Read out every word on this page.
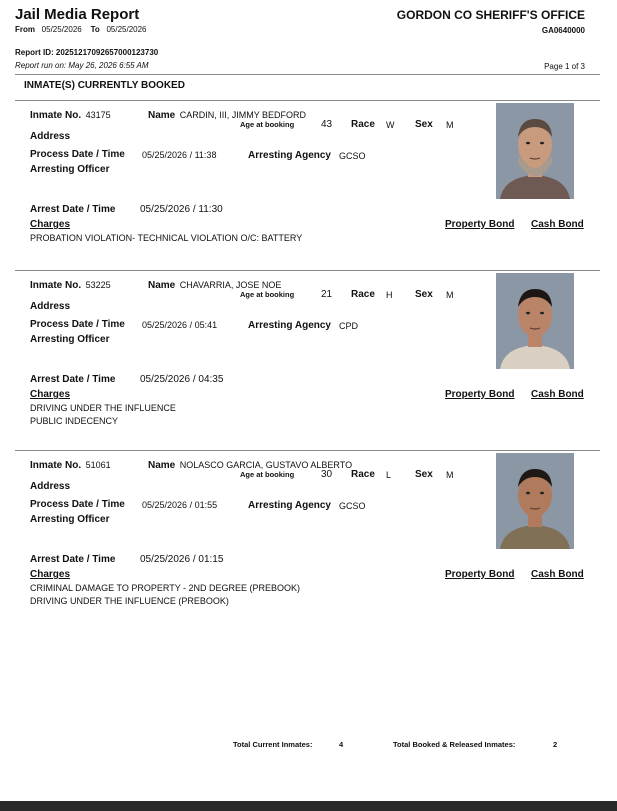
Jail Media Report	GORDON CO SHERIFF'S OFFICE
From 05/25/2026 To 05/25/2026	GA0640000
Report ID: 20251217092657000123730
Report run on: May 26, 2026 6:55 AM	Page 1 of 3
INMATE(S) CURRENTLY BOOKED
Inmate No. 43175	Name CARDIN, III, JIMMY BEDFORD
Age at booking	43 Race W Sex M
Address
Process Date / Time 05/25/2026 / 11:38	Arresting Agency GCSO
Arresting Officer
Arrest Date / Time 05/25/2026 / 11:30
Charges	Property Bond Cash Bond
PROBATION VIOLATION- TECHNICAL VIOLATION O/C: BATTERY
Inmate No. 53225	Name CHAVARRIA, JOSE NOE
Age at booking	21 Race H Sex M
Address
Process Date / Time 05/25/2026 / 05:41	Arresting Agency CPD
Arresting Officer
Arrest Date / Time 05/25/2026 / 04:35
Charges	Property Bond Cash Bond
DRIVING UNDER THE INFLUENCE
PUBLIC INDECENCY
Inmate No. 51061	Name NOLASCO GARCIA, GUSTAVO ALBERTO
Age at booking	30 Race L Sex M
Address
Process Date / Time 05/25/2026 / 01:55	Arresting Agency GCSO
Arresting Officer
Arrest Date / Time 05/25/2026 / 01:15
Charges	Property Bond Cash Bond
CRIMINAL DAMAGE TO PROPERTY - 2ND DEGREE (PREBOOK)
DRIVING UNDER THE INFLUENCE (PREBOOK)
Total Current Inmates:	4	Total Booked & Released Inmates:	2
